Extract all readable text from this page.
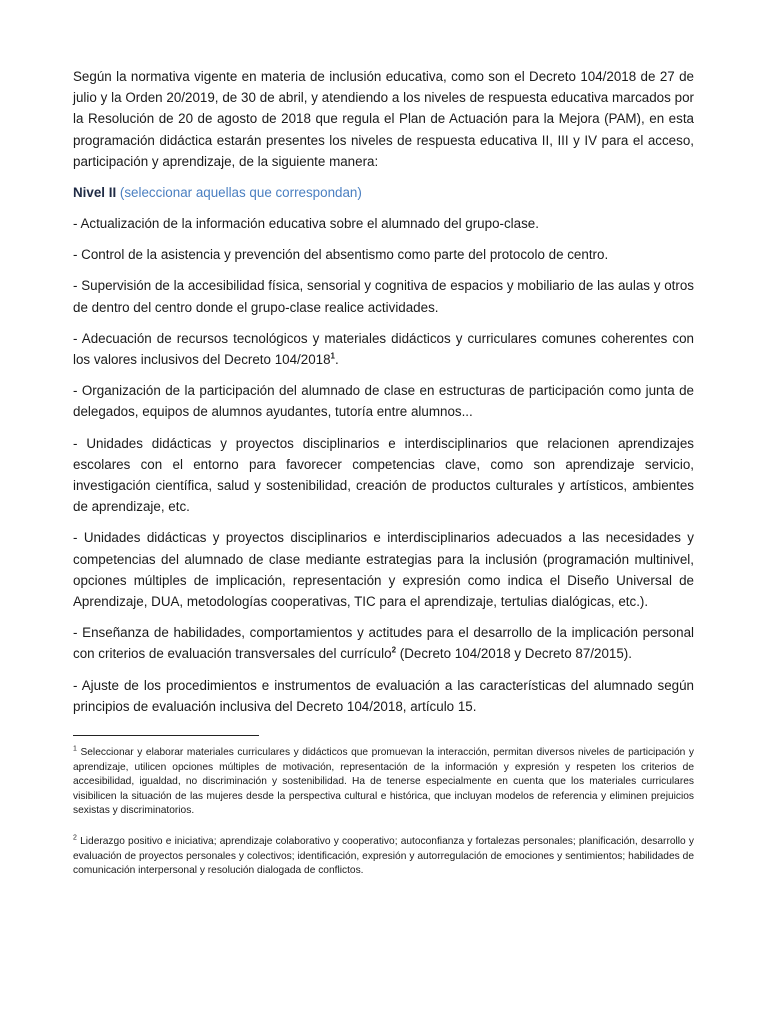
Según la normativa vigente en materia de inclusión educativa, como son el Decreto 104/2018 de 27 de julio y la Orden 20/2019, de 30 de abril, y atendiendo a los niveles de respuesta educativa marcados por la Resolución de 20 de agosto de 2018 que regula el Plan de Actuación para la Mejora (PAM), en esta programación didáctica estarán presentes los niveles de respuesta educativa II, III y IV para el acceso, participación y aprendizaje, de la siguiente manera:

Nivel II (seleccionar aquellas que correspondan)

- Actualización de la información educativa sobre el alumnado del grupo-clase.

- Control de la asistencia y prevención del absentismo como parte del protocolo de centro.

- Supervisión de la accesibilidad física, sensorial y cognitiva de espacios y mobiliario de las aulas y otros de dentro del centro donde el grupo-clase realice actividades.

- Adecuación de recursos tecnológicos y materiales didácticos y curriculares comunes coherentes con los valores inclusivos del Decreto 104/2018$^1$.

- Organización de la participación del alumnado de clase en estructuras de participación como junta de delegados, equipos de alumnos ayudantes, tutoría entre alumnos...

- Unidades didácticas y proyectos disciplinarios e interdisciplinarios que relacionen aprendizajes escolares con el entorno para favorecer competencias clave, como son aprendizaje servicio, investigación científica, salud y sostenibilidad, creación de productos culturales y artísticos, ambientes de aprendizaje, etc.

- Unidades didácticas y proyectos disciplinarios e interdisciplinarios adecuados a las necesidades y competencias del alumnado de clase mediante estrategias para la inclusión (programación multinivel, opciones múltiples de implicación, representación y expresión como indica el Diseño Universal de Aprendizaje, DUA, metodologías cooperativas, TIC para el aprendizaje, tertulias dialógicas, etc.).

- Enseñanza de habilidades, comportamientos y actitudes para el desarrollo de la implicación personal con criterios de evaluación transversales del currículo$^2$ (Decreto 104/2018 y Decreto 87/2015).

- Ajuste de los procedimientos e instrumentos de evaluación a las características del alumnado según principios de evaluación inclusiva del Decreto 104/2018, artículo 15.

$^1$ Seleccionar y elaborar materiales curriculares y didácticos que promuevan la interacción, permitan diversos niveles de participación y aprendizaje, utilicen opciones múltiples de motivación, representación de la información y expresión y respeten los criterios de accesibilidad, igualdad, no discriminación y sostenibilidad. Ha de tenerse especialmente en cuenta que los materiales curriculares visibilicen la situación de las mujeres desde la perspectiva cultural e histórica, que incluyan modelos de referencia y eliminen prejuicios sexistas y discriminatorios.

$^2$ Liderazgo positivo e iniciativa; aprendizaje colaborativo y cooperativo; autoconfianza y fortalezas personales; planificación, desarrollo y evaluación de proyectos personales y colectivos; identificación, expresión y autorregulación de emociones y sentimientos; habilidades de comunicación interpersonal y resolución dialogada de conflictos.
